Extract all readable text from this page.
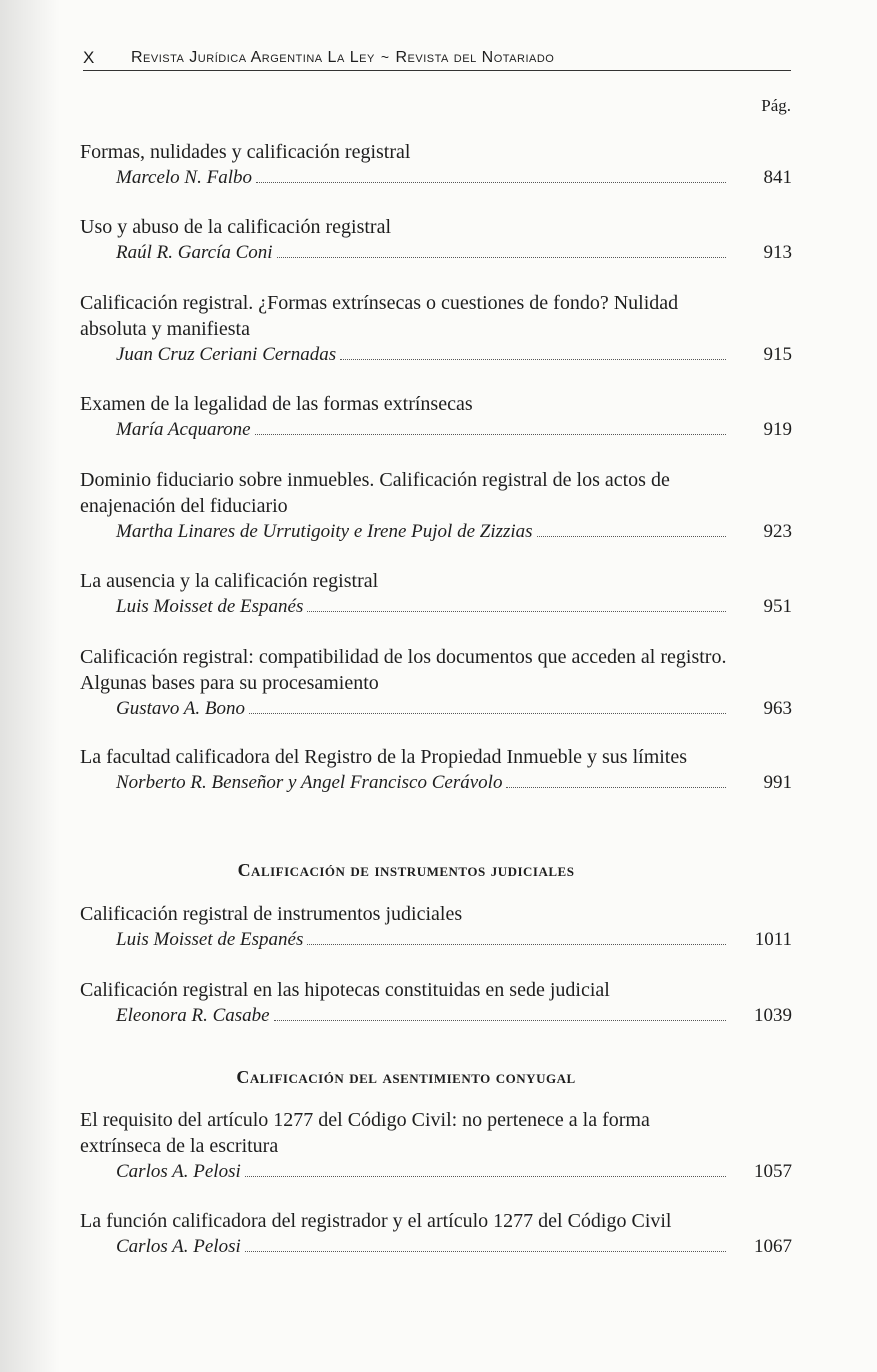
X	Revista Jurídica Argentina La Ley ~ Revista del Notariado
Pág.
Formas, nulidades y calificación registral
Marcelo N. Falbo	841
Uso y abuso de la calificación registral
Raúl R. García Coni	913
Calificación registral. ¿Formas extrínsecas o cuestiones de fondo? Nulidad absoluta y manifiesta
Juan Cruz Ceriani Cernadas	915
Examen de la legalidad de las formas extrínsecas
María Acquarone	919
Dominio fiduciario sobre inmuebles. Calificación registral de los actos de enajenación del fiduciario
Martha Linares de Urrutigoity e Irene Pujol de Zizzias	923
La ausencia y la calificación registral
Luis Moisset de Espanés	951
Calificación registral: compatibilidad de los documentos que acceden al registro. Algunas bases para su procesamiento
Gustavo A. Bono	963
La facultad calificadora del Registro de la Propiedad Inmueble y sus límites
Norberto R. Benseñor y Angel Francisco Cerávolo	991
Calificación de instrumentos judiciales
Calificación registral de instrumentos judiciales
Luis Moisset de Espanés	1011
Calificación registral en las hipotecas constituidas en sede judicial
Eleonora R. Casabe	1039
Calificación del asentimiento conyugal
El requisito del artículo 1277 del Código Civil: no pertenece a la forma extrínseca de la escritura
Carlos A. Pelosi	1057
La función calificadora del registrador y el artículo 1277 del Código Civil
Carlos A. Pelosi	1067
